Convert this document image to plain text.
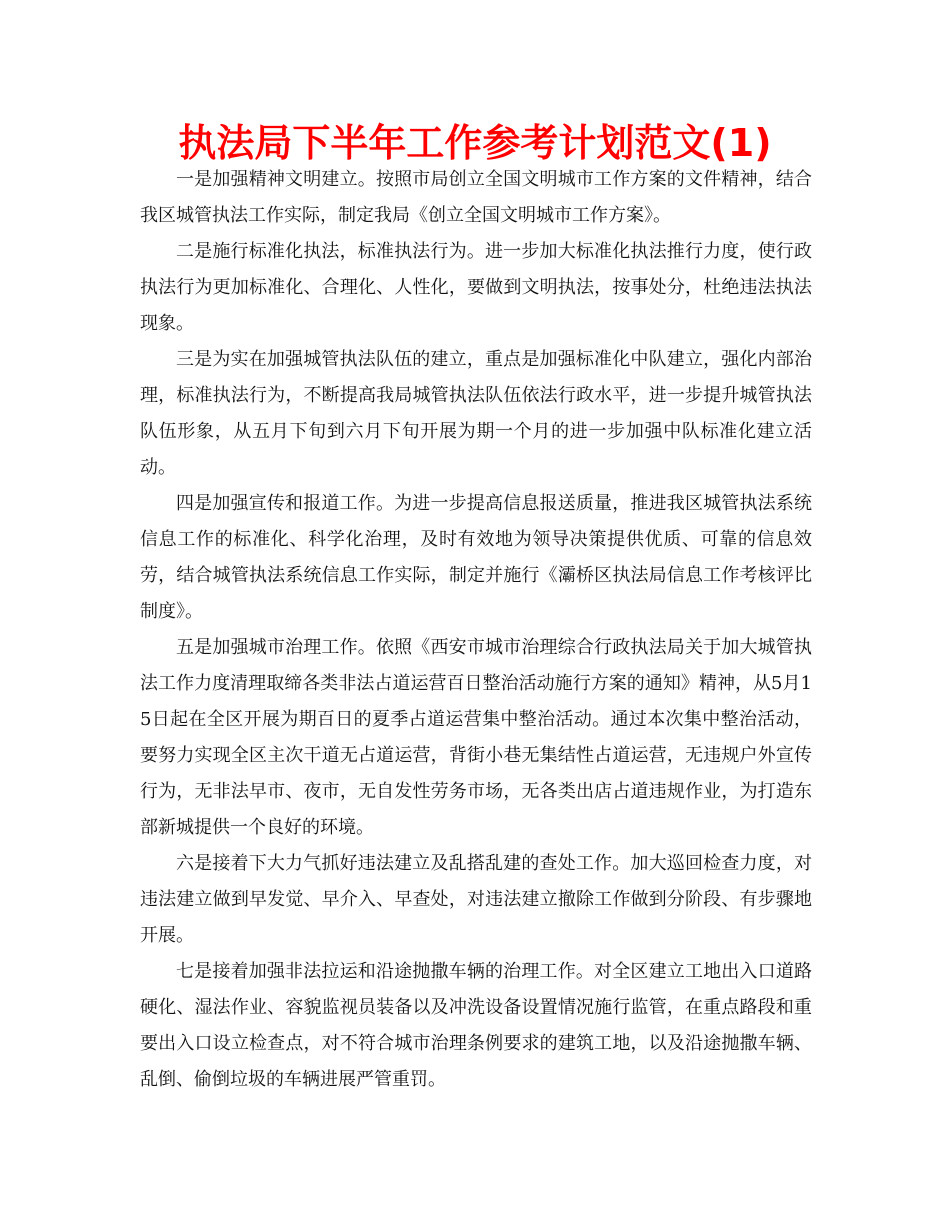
执法局下半年工作参考计划范文(1)

一是加强精神文明建立。按照市局创立全国文明城市工作方案的文件精神，结合我区城管执法工作实际，制定我局《创立全国文明城市工作方案》。

二是施行标准化执法，标准执法行为。进一步加大标准化执法推行力度，使行政执法行为更加标准化、合理化、人性化，要做到文明执法，按事处分，杜绝违法执法现象。

三是为实在加强城管执法队伍的建立，重点是加强标准化中队建立，强化内部治理，标准执法行为，不断提高我局城管执法队伍依法行政水平，进一步提升城管执法队伍形象，从五月下旬到六月下旬开展为期一个月的进一步加强中队标准化建立活动。

四是加强宣传和报道工作。为进一步提高信息报送质量，推进我区城管执法系统信息工作的标准化、科学化治理，及时有效地为领导决策提供优质、可靠的信息效劳，结合城管执法系统信息工作实际，制定并施行《灞桥区执法局信息工作考核评比制度》。

五是加强城市治理工作。依照《西安市城市治理综合行政执法局关于加大城管执法工作力度清理取缔各类非法占道运营百日整治活动施行方案的通知》精神，从5月15日起在全区开展为期百日的夏季占道运营集中整治活动。通过本次集中整治活动，要努力实现全区主次干道无占道运营，背街小巷无集结性占道运营，无违规户外宣传行为，无非法早市、夜市，无自发性劳务市场，无各类出店占道违规作业，为打造东部新城提供一个良好的环境。

六是接着下大力气抓好违法建立及乱搭乱建的查处工作。加大巡回检查力度，对违法建立做到早发觉、早介入、早查处，对违法建立撤除工作做到分阶段、有步骤地开展。

七是接着加强非法拉运和沿途抛撒车辆的治理工作。对全区建立工地出入口道路硬化、湿法作业、容貌监视员装备以及冲洗设备设置情况施行监管，在重点路段和重要出入口设立检查点，对不符合城市治理条例要求的建筑工地，以及沿途抛撒车辆、乱倒、偷倒垃圾的车辆进展严管重罚。
